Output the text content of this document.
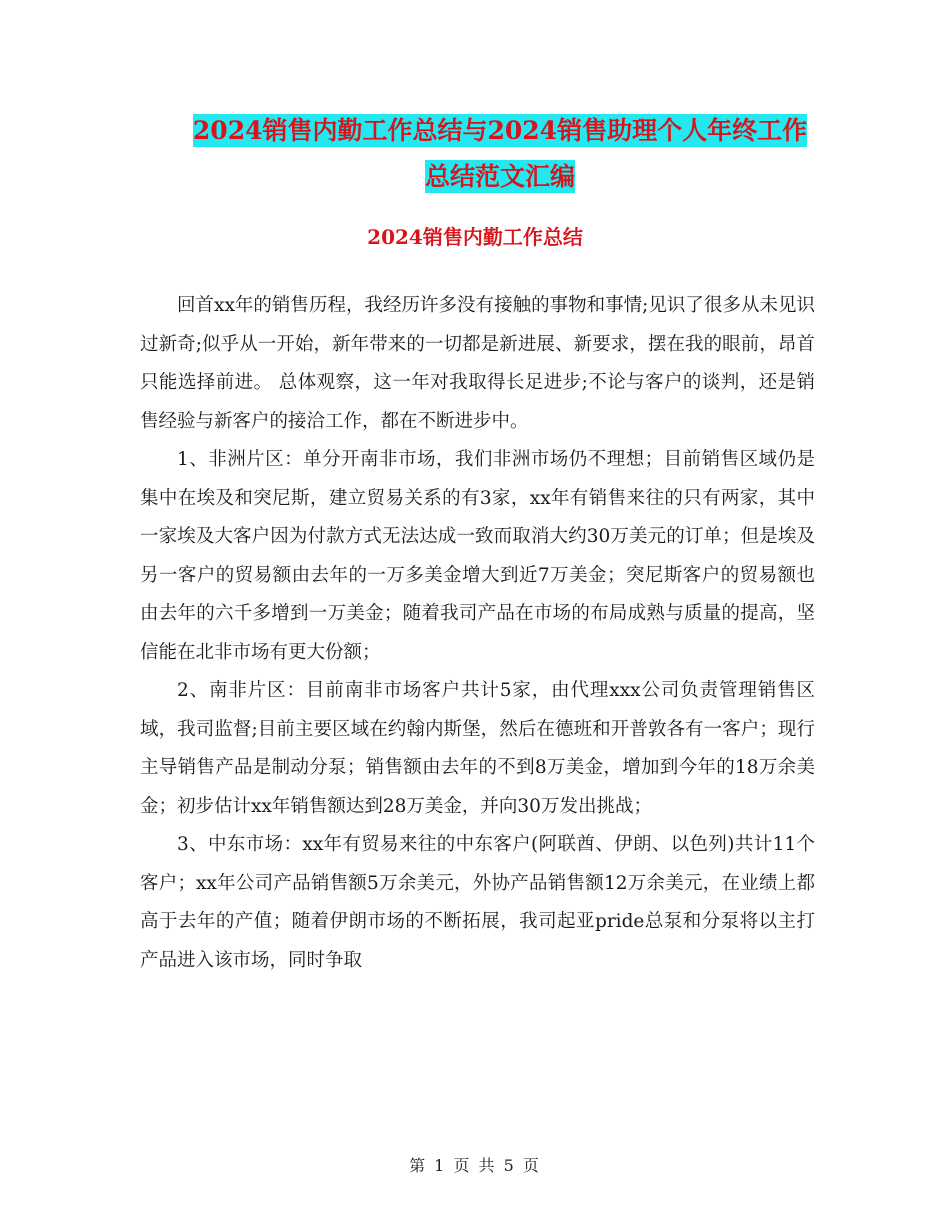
2024销售内勤工作总结与2024销售助理个人年终工作
总结范文汇编
2024销售内勤工作总结

回首xx年的销售历程，我经历许多没有接触的事物和事情;见识了很多从未见识过新奇;似乎从一开始，新年带来的一切都是新进展、新要求，摆在我的眼前，昂首只能选择前进。 总体观察，这一年对我取得长足进步;不论与客户的谈判，还是销售经验与新客户的接洽工作，都在不断进步中。

1、非洲片区：单分开南非市场，我们非洲市场仍不理想；目前销售区域仍是集中在埃及和突尼斯，建立贸易关系的有3家，xx年有销售来往的只有两家，其中一家埃及大客户因为付款方式无法达成一致而取消大约30万美元的订单；但是埃及另一客户的贸易额由去年的一万多美金增大到近7万美金；突尼斯客户的贸易额也由去年的六千多增到一万美金；随着我司产品在市场的布局成熟与质量的提高，坚信能在北非市场有更大份额；

2、南非片区：目前南非市场客户共计5家，由代理xxx公司负责管理销售区域，我司监督;目前主要区域在约翰内斯堡，然后在德班和开普敦各有一客户；现行主导销售产品是制动分泵；销售额由去年的不到8万美金，增加到今年的18万余美金；初步估计xx年销售额达到28万美金，并向30万发出挑战；

3、中东市场：xx年有贸易来往的中东客户(阿联酋、伊朗、以色列)共计11个客户；xx年公司产品销售额5万余美元，外协产品销售额12万余美元，在业绩上都高于去年的产值；随着伊朗市场的不断拓展，我司起亚pride总泵和分泵将以主打产品进入该市场，同时争取

第 1 页 共 5 页
